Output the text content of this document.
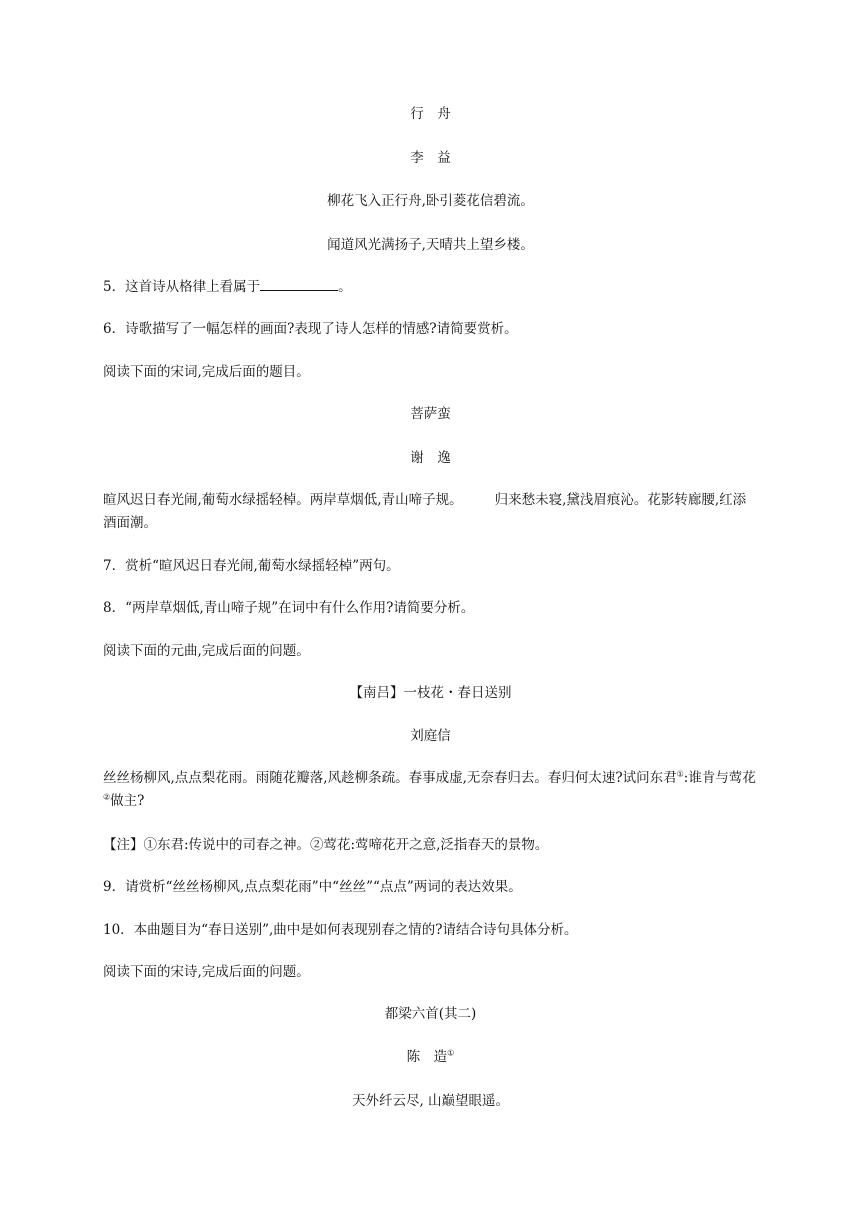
行　舟
李　益
柳花飞入正行舟,卧引菱花信碧流。
闻道风光满扬子,天晴共上望乡楼。
5．这首诗从格律上看属于	。
6．诗歌描写了一幅怎样的画面?表现了诗人怎样的情感?请简要赏析。
阅读下面的宋词,完成后面的题目。
菩萨蛮
谢　逸
暄风迟日春光闹,葡萄水绿摇轻棹。两岸草烟低,青山啼子规。 归来愁未寝,黛浅眉痕沁。花影转廊腰,红添酒面潮。
7．赏析“暄风迟日春光闹,葡萄水绿摇轻棹”两句。
8．“两岸草烟低,青山啼子规”在词中有什么作用?请简要分析。
阅读下面的元曲,完成后面的问题。
【南吕】一枝花・春日送别
刘庭信
丝丝杨柳风,点点梨花雨。雨随花瓣落,风趁柳条疏。春事成虚,无奈春归去。春归何太速?试问东君①:谁肯与莺花②做主?
【注】①东君:传说中的司春之神。②莺花:莺啼花开之意,泛指春天的景物。
9．请赏析“丝丝杨柳风,点点梨花雨”中“丝丝”“点点”两词的表达效果。
10．本曲题目为“春日送别”,曲中是如何表现别春之情的?请结合诗句具体分析。
阅读下面的宋诗,完成后面的问题。
都梁六首(其二)
陈　造①
天外纤云尽, 山巅望眼遥。
